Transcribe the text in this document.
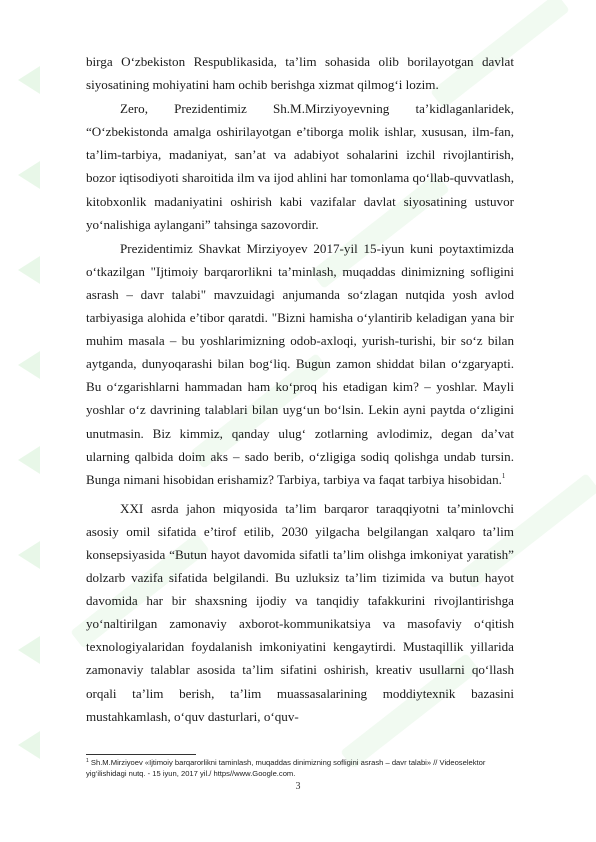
birga O‘zbekiston Respublikasida, ta’lim sohasida olib borilayotgan davlat siyosatining mohiyatini ham ochib berishga xizmat qilmog‘i lozim.

Zero, Prezidentimiz Sh.M.Mirziyoyevning ta’kidlaganlaridek, “O‘zbekistonda amalga oshirilayotgan e’tiborga molik ishlar, xususan, ilm-fan, ta’lim-tarbiya, madaniyat, san’at va adabiyot sohalarini izchil rivojlantirish, bozor iqtisodiyoti sharoitida ilm va ijod ahlini har tomonlama qo‘llab-quvvatlash, kitobxonlik madaniyatini oshirish kabi vazifalar davlat siyosatining ustuvor yo‘nalishiga aylangani” tahsinga sazovordir.

Prezidentimiz Shavkat Mirziyoyev 2017-yil 15-iyun kuni poytaxtimizda o‘tkazilgan "Ijtimoiy barqarorlikni ta’minlash, muqaddas dinimizning sofligini asrash – davr talabi" mavzuidagi anjumanda so‘zlagan nutqida yosh avlod tarbiyasiga alohida e’tibor qaratdi. "Bizni hamisha o‘ylantirib keladigan yana bir muhim masala – bu yoshlarimizning odob-axloqi, yurish-turishi, bir so‘z bilan aytganda, dunyoqarashi bilan bog‘liq. Bugun zamon shiddat bilan o‘zgaryapti. Bu o‘zgarishlarni hammadan ham ko‘proq his etadigan kim? – yoshlar. Mayli yoshlar o‘z davrining talablari bilan uyg‘un bo‘lsin. Lekin ayni paytda o‘zligini unutmasin. Biz kimmiz, qanday ulug‘ zotlarning avlodimiz, degan da’vat ularning qalbida doim aks – sado berib, o‘zligiga sodiq qolishga undab tursin. Bunga nimani hisobidan erishamiz? Tarbiya, tarbiya va faqat tarbiya hisobidan.$^1$

XXI asrda jahon miqyosida ta’lim barqaror taraqqiyotni ta’minlovchi asosiy omil sifatida e’tirof etilib, 2030 yilgacha belgilangan xalqaro ta’lim konsepsiyasida “Butun hayot davomida sifatli ta’lim olishga imkoniyat yaratish” dolzarb vazifa sifatida belgilandi. Bu uzluksiz ta’lim tizimida va butun hayot davomida har bir shaxsning ijodiy va tanqidiy tafakkurini rivojlantirishga yo‘naltirilgan zamonaviy axborot-kommunikatsiya va masofaviy o‘qitish texnologiyalaridan foydalanish imkoniyatini kengaytirdi. Mustaqillik yillarida zamonaviy talablar asosida ta’lim sifatini oshirish, kreativ usullarni qo‘llash orqali ta’lim berish, ta’lim muassasalarining moddiytexnik bazasini mustahkamlash, o‘quv dasturlari, o‘quv-

$^1$ Sh.M.Mirziyoev «Ijtimoiy barqarorlikni taminlash, muqaddas dinimizning sofligini asrash – davr talabi» // Videoselektor yig‘ilishidagi nutq. - 15 iyun, 2017 yil./ https//www.Google.com.
3
